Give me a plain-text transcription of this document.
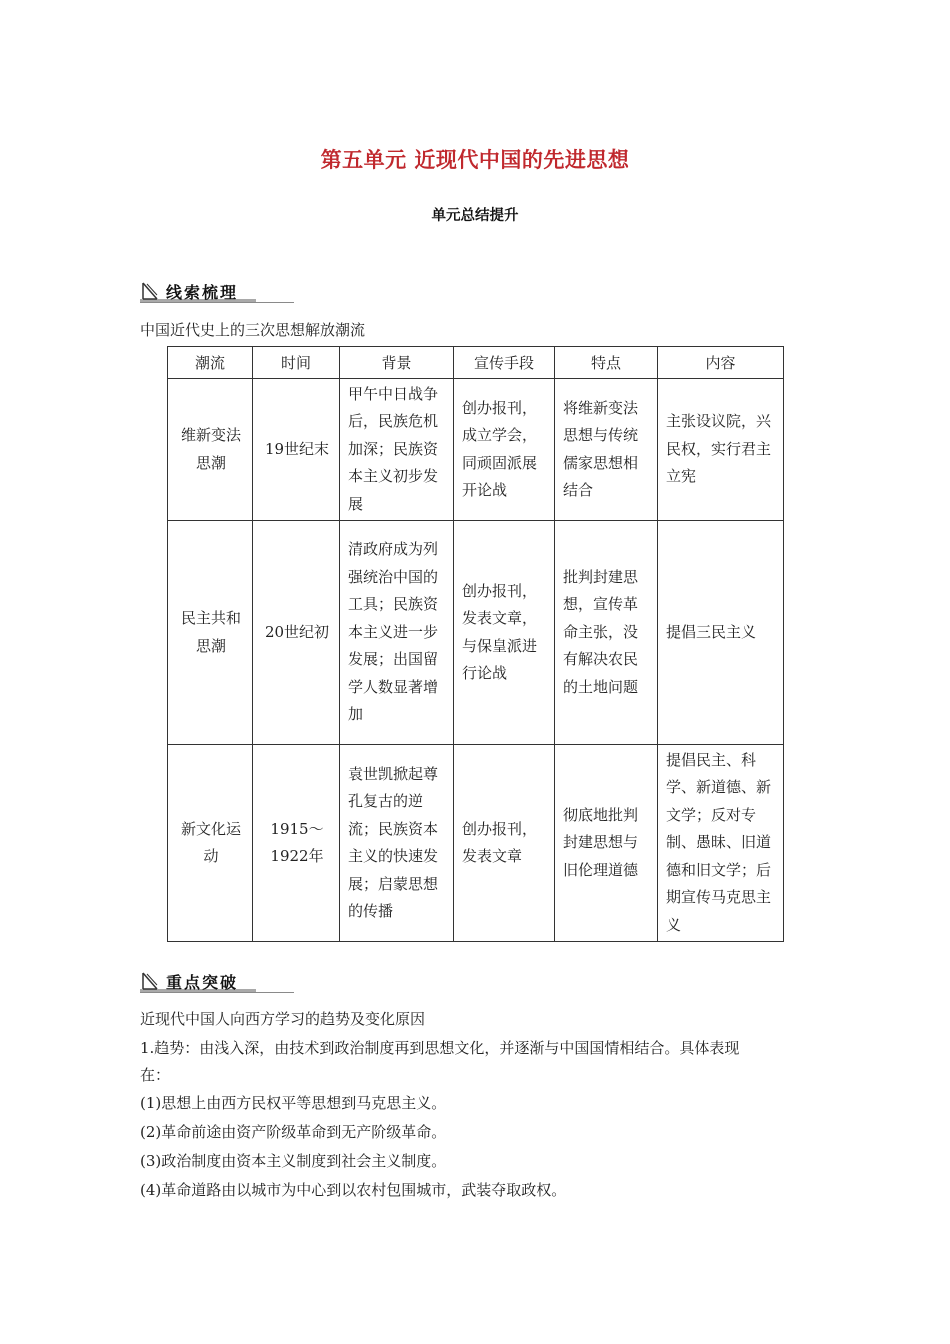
第五单元 近现代中国的先进思想
单元总结提升
线索梳理
中国近代史上的三次思想解放潮流
潮流	时间	背景	宣传手段	特点	内容
维新变法思潮	19世纪末	甲午中日战争后，民族危机加深；民族资本主义初步发展	创办报刊，成立学会，同顽固派展开论战	将维新变法思想与传统儒家思想相结合	主张设议院，兴民权，实行君主立宪
民主共和思潮	20世纪初	清政府成为列强统治中国的工具；民族资本主义进一步发展；出国留学人数显著增加	创办报刊，发表文章，与保皇派进行论战	批判封建思想，宣传革命主张，没有解决农民的土地问题	提倡三民主义
新文化运动	1915～1922年	袁世凯掀起尊孔复古的逆流；民族资本主义的快速发展；启蒙思想的传播	创办报刊，发表文章	彻底地批判封建思想与旧伦理道德	提倡民主、科学、新道德、新文学；反对专制、愚昧、旧道德和旧文学；后期宣传马克思主义
重点突破
近现代中国人向西方学习的趋势及变化原因
1.趋势：由浅入深，由技术到政治制度再到思想文化，并逐渐与中国国情相结合。具体表现
在：
(1)思想上由西方民权平等思想到马克思主义。
(2)革命前途由资产阶级革命到无产阶级革命。
(3)政治制度由资本主义制度到社会主义制度。
(4)革命道路由以城市为中心到以农村包围城市，武装夺取政权。
